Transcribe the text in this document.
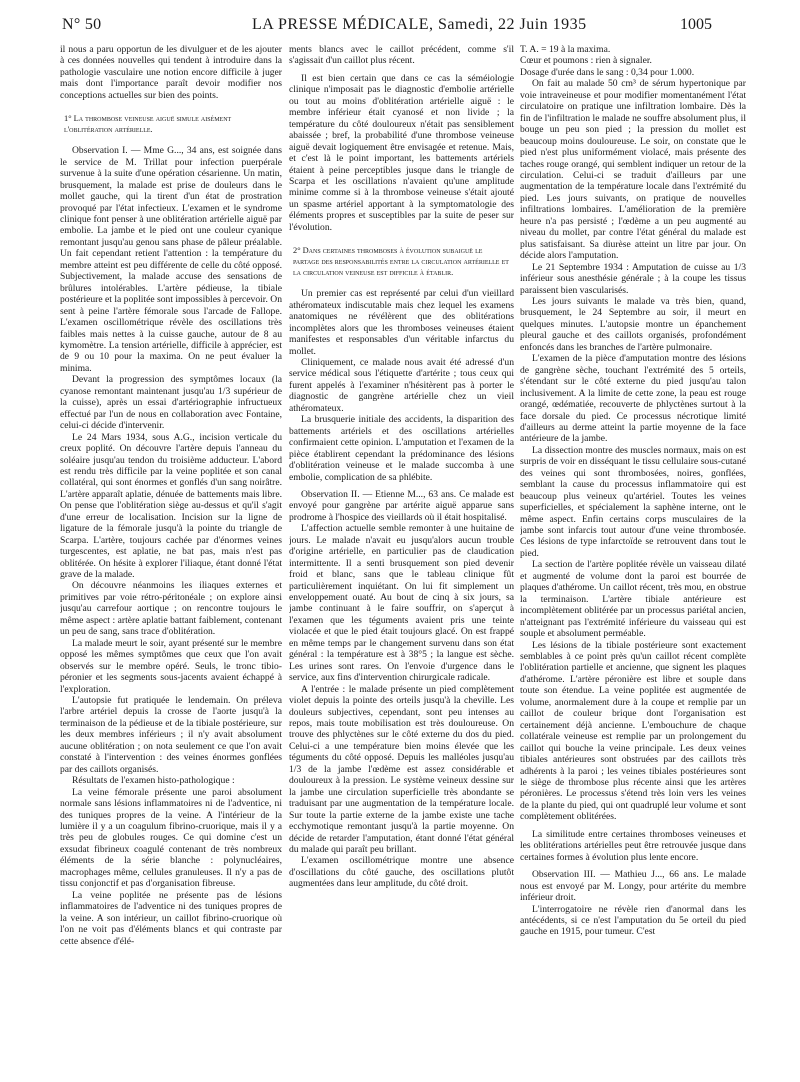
N° 50	LA PRESSE MÉDICALE, Samedi, 22 Juin 1935	1005

il nous a paru opportun de les divulguer et de les ajouter à ces données nouvelles qui tendent à introduire dans la pathologie vasculaire une notion encore difficile à juger mais dont l'importance paraît devoir modifier nos conceptions actuelles sur bien des points.

1° La thrombose veineuse aiguë simule aisément l'oblitération artérielle.

Observation I. — Mme G..., 34 ans, est soignée dans le service de M. Trillat pour infection puerpérale survenue à la suite d'une opération césarienne. Un matin, brusquement, la malade est prise de douleurs dans le mollet gauche, qui la tirent d'un état de prostration provoqué par l'état infectieux. L'examen et le syndrome clinique font penser à une oblitération artérielle aiguë par embolie. La jambe et le pied ont une couleur cyanique remontant jusqu'au genou sans phase de pâleur préalable. Un fait cependant retient l'attention : la température du membre atteint est peu différente de celle du côté opposé. Subjectivement, la malade accuse des sensations de brûlures intolérables. L'artère pédieuse, la tibiale postérieure et la poplitée sont impossibles à percevoir. On sent à peine l'artère fémorale sous l'arcade de Fallope. L'examen oscillométrique révèle des oscillations très faibles mais nettes à la cuisse gauche, autour de 8 au kymomètre. La tension artérielle, difficile à apprécier, est de 9 ou 10 pour la maxima. On ne peut évaluer la minima.

Devant la progression des symptômes locaux (la cyanose remontant maintenant jusqu'au 1/3 supérieur de la cuisse), après un essai d'artériographie infructueux effectué par l'un de nous en collaboration avec Fontaine, celui-ci décide d'intervenir.

Le 24 Mars 1934, sous A.G., incision verticale du creux poplité. On découvre l'artère depuis l'anneau du soléaire jusqu'au tendon du troisième adducteur. L'abord est rendu très difficile par la veine poplitée et son canal collatéral, qui sont énormes et gonflés d'un sang noirâtre. L'artère apparaît aplatie, dénuée de battements mais libre. On pense que l'oblitération siège au-dessus et qu'il s'agit d'une erreur de localisation. Incision sur la ligne de ligature de la fémorale jusqu'à la pointe du triangle de Scarpa. L'artère, toujours cachée par d'énormes veines turgescentes, est aplatie, ne bat pas, mais n'est pas oblitérée. On hésite à explorer l'iliaque, étant donné l'état grave de la malade.

On découvre néanmoins les iliaques externes et primitives par voie rétro-péritonéale ; on explore ainsi jusqu'au carrefour aortique ; on rencontre toujours le même aspect : artère aplatie battant faiblement, contenant un peu de sang, sans trace d'oblitération.

La malade meurt le soir, ayant présenté sur le membre opposé les mêmes symptômes que ceux que l'on avait observés sur le membre opéré. Seuls, le tronc tibio-péronier et les segments sous-jacents avaient échappé à l'exploration.

L'autopsie fut pratiquée le lendemain. On préleva l'arbre artériel depuis la crosse de l'aorte jusqu'à la terminaison de la pédieuse et de la tibiale postérieure, sur les deux membres inférieurs ; il n'y avait absolument aucune oblitération ; on nota seulement ce que l'on avait constaté à l'intervention : des veines énormes gonflées par des caillots organisés.

Résultats de l'examen histo-pathologique :

La veine fémorale présente une paroi absolument normale sans lésions inflammatoires ni de l'adventice, ni des tuniques propres de la veine. A l'intérieur de la lumière il y a un coagulum fibrino-cruorique, mais il y a très peu de globules rouges. Ce qui domine c'est un exsudat fibrineux coagulé contenant de très nombreux éléments de la série blanche : polynucléaires, macrophages même, cellules granuleuses. Il n'y a pas de tissu conjonctif et pas d'organisation fibreuse.

La veine poplitée ne présente pas de lésions inflammatoires de l'adventice ni des tuniques propres de la veine. A son intérieur, un caillot fibrino-cruorique où l'on ne voit pas d'éléments blancs et qui contraste par cette absence d'élé-

ments blancs avec le caillot précédent, comme s'il s'agissait d'un caillot plus récent.

Il est bien certain que dans ce cas la séméiologie clinique n'imposait pas le diagnostic d'embolie artérielle ou tout au moins d'oblitération artérielle aiguë : le membre inférieur était cyanosé et non livide ; la température du côté douloureux n'était pas sensiblement abaissée ; bref, la probabilité d'une thrombose veineuse aiguë devait logiquement être envisagée et retenue. Mais, et c'est là le point important, les battements artériels étaient à peine perceptibles jusque dans le triangle de Scarpa et les oscillations n'avaient qu'une amplitude minime comme si à la thrombose veineuse s'était ajouté un spasme artériel apportant à la symptomatologie des éléments propres et susceptibles par la suite de peser sur l'évolution.

2° Dans certaines thromboses à évolution subaiguë le partage des responsabilités entre la circulation artérielle et la circulation veineuse est difficile à établir.

Un premier cas est représenté par celui d'un vieillard athéromateux indiscutable mais chez lequel les examens anatomiques ne révélèrent que des oblitérations incomplètes alors que les thromboses veineuses étaient manifestes et responsables d'un véritable infarctus du mollet.

Cliniquement, ce malade nous avait été adressé d'un service médical sous l'étiquette d'artérite ; tous ceux qui furent appelés à l'examiner n'hésitèrent pas à porter le diagnostic de gangrène artérielle chez un vieil athéromateux.

La brusquerie initiale des accidents, la disparition des battements artériels et des oscillations artérielles confirmaient cette opinion. L'amputation et l'examen de la pièce établirent cependant la prédominance des lésions d'oblitération veineuse et le malade succomba à une embolie, complication de sa phlébite.

Observation II. — Etienne M..., 63 ans. Ce malade est envoyé pour gangrène par artérite aiguë apparue sans prodrome à l'hospice des vieillards où il était hospitalisé.

L'affection actuelle semble remonter à une huitaine de jours. Le malade n'avait eu jusqu'alors aucun trouble d'origine artérielle, en particulier pas de claudication intermittente. Il a senti brusquement son pied devenir froid et blanc, sans que le tableau clinique fût particulièrement inquiétant. On lui fit simplement un enveloppement ouaté. Au bout de cinq à six jours, sa jambe continuant à le faire souffrir, on s'aperçut à l'examen que les téguments avaient pris une teinte violacée et que le pied était toujours glacé. On est frappé en même temps par le changement survenu dans son état général : la température est à 38°5 ; la langue est sèche. Les urines sont rares. On l'envoie d'urgence dans le service, aux fins d'intervention chirurgicale radicale.

A l'entrée : le malade présente un pied complètement violet depuis la pointe des orteils jusqu'à la cheville. Les douleurs subjectives, cependant, sont peu intenses au repos, mais toute mobilisation est très douloureuse. On trouve des phlyctènes sur le côté externe du dos du pied. Celui-ci a une température bien moins élevée que les téguments du côté opposé. Depuis les malléoles jusqu'au 1/3 de la jambe l'œdème est assez considérable et douloureux à la pression. Le système veineux dessine sur la jambe une circulation superficielle très abondante se traduisant par une augmentation de la température locale. Sur toute la partie externe de la jambe existe une tache ecchymotique remontant jusqu'à la partie moyenne. On décide de retarder l'amputation, étant donné l'état général du malade qui paraît peu brillant.

L'examen oscillométrique montre une absence d'oscillations du côté gauche, des oscillations plutôt augmentées dans leur amplitude, du côté droit.

T. A. = 19 à la maxima.

Cœur et poumons : rien à signaler.

Dosage d'urée dans le sang : 0,34 pour 1.000.

On fait au malade 50 cm³ de sérum hypertonique par voie intraveineuse et pour modifier momentanément l'état circulatoire on pratique une infiltration lombaire. Dès la fin de l'infiltration le malade ne souffre absolument plus, il bouge un peu son pied ; la pression du mollet est beaucoup moins douloureuse. Le soir, on constate que le pied n'est plus uniformément violacé, mais présente des taches rouge orangé, qui semblent indiquer un retour de la circulation. Celui-ci se traduit d'ailleurs par une augmentation de la température locale dans l'extrémité du pied. Les jours suivants, on pratique de nouvelles infiltrations lombaires. L'amélioration de la première heure n'a pas persisté ; l'œdème a un peu augmenté au niveau du mollet, par contre l'état général du malade est plus satisfaisant. Sa diurèse atteint un litre par jour. On décide alors l'amputation.

Le 21 Septembre 1934 : Amputation de cuisse au 1/3 inférieur sous anesthésie générale ; à la coupe les tissus paraissent bien vascularisés.

Les jours suivants le malade va très bien, quand, brusquement, le 24 Septembre au soir, il meurt en quelques minutes. L'autopsie montre un épanchement pleural gauche et des caillots organisés, profondément enfoncés dans les branches de l'artère pulmonaire.

L'examen de la pièce d'amputation montre des lésions de gangrène sèche, touchant l'extrémité des 5 orteils, s'étendant sur le côté externe du pied jusqu'au talon inclusivement. A la limite de cette zone, la peau est rouge orangé, œdématiée, recouverte de phlyctènes surtout à la face dorsale du pied. Ce processus nécrotique limité d'ailleurs au derme atteint la partie moyenne de la face antérieure de la jambe.

La dissection montre des muscles normaux, mais on est surpris de voir en disséquant le tissu cellulaire sous-cutané des veines qui sont thrombosées, noires, gonflées, semblant la cause du processus inflammatoire qui est beaucoup plus veineux qu'artériel. Toutes les veines superficielles, et spécialement la saphène interne, ont le même aspect. Enfin certains corps musculaires de la jambe sont infarcis tout autour d'une veine thrombosée. Ces lésions de type infarctoïde se retrouvent dans tout le pied.

La section de l'artère poplitée révèle un vaisseau dilaté et augmenté de volume dont la paroi est bourrée de plaques d'athérome. Un caillot récent, très mou, en obstrue la terminaison. L'artère tibiale antérieure est incomplètement oblitérée par un processus pariétal ancien, n'atteignant pas l'extrémité inférieure du vaisseau qui est souple et absolument perméable.

Les lésions de la tibiale postérieure sont exactement semblables à ce point près qu'un caillot récent complète l'oblitération partielle et ancienne, que signent les plaques d'athérome. L'artère péronière est libre et souple dans toute son étendue. La veine poplitée est augmentée de volume, anormalement dure à la coupe et remplie par un caillot de couleur brique dont l'organisation est certainement déjà ancienne. L'embouchure de chaque collatérale veineuse est remplie par un prolongement du caillot qui bouche la veine principale. Les deux veines tibiales antérieures sont obstruées par des caillots très adhérents à la paroi ; les veines tibiales postérieures sont le siège de thrombose plus récente ainsi que les artères péronières. Le processus s'étend très loin vers les veines de la plante du pied, qui ont quadruplé leur volume et sont complètement oblitérées.

La similitude entre certaines thromboses veineuses et les oblitérations artérielles peut être retrouvée jusque dans certaines formes à évolution plus lente encore.

Observation III. — Mathieu J..., 66 ans. Le malade nous est envoyé par M. Longy, pour artérite du membre inférieur droit.

L'interrogatoire ne révèle rien d'anormal dans les antécédents, si ce n'est l'amputation du 5e orteil du pied gauche en 1915, pour tumeur. C'est
